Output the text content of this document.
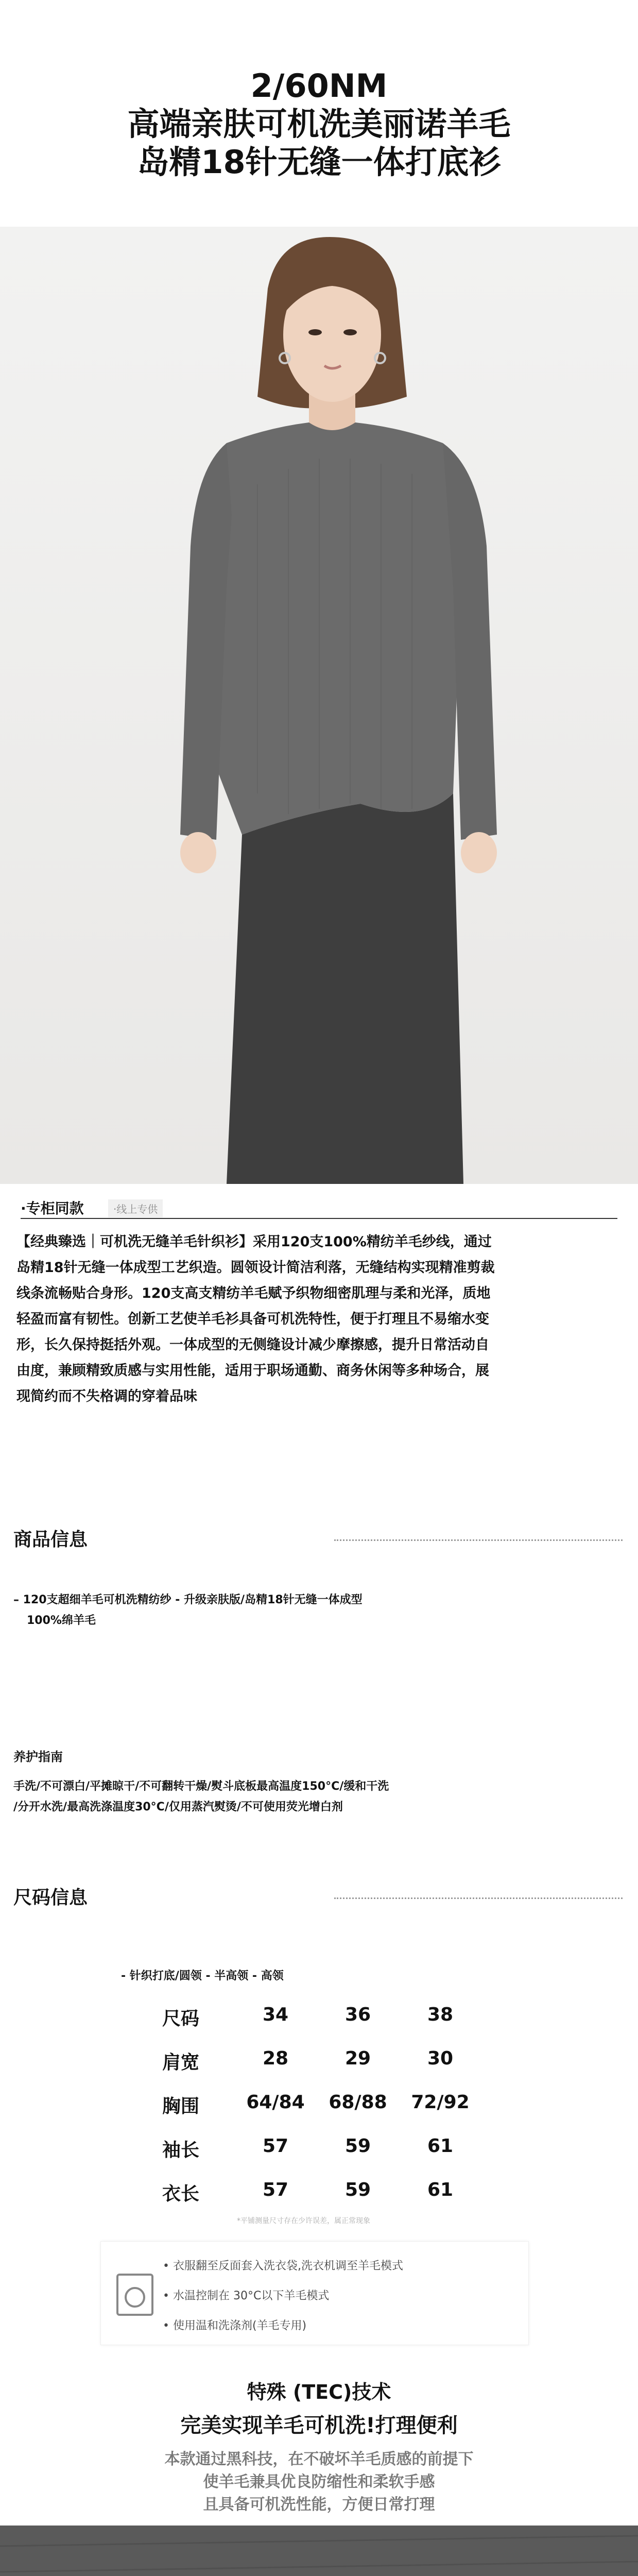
2/60NM
高端亲肤可机洗美丽诺羊毛
岛精18针无缝一体打底衫
·专柜同款	·线上专供
【经典臻选｜可机洗无缝羊毛针织衫】采用120支100%精纺羊毛纱线，通过
岛精18针无缝一体成型工艺织造。圆领设计简洁利落，无缝结构实现精准剪裁
线条流畅贴合身形。120支高支精纺羊毛赋予织物细密肌理与柔和光泽，质地
轻盈而富有韧性。创新工艺使羊毛衫具备可机洗特性，便于打理且不易缩水变
形，长久保持挺括外观。一体成型的无侧缝设计减少摩擦感，提升日常活动自
由度，兼顾精致质感与实用性能，适用于职场通勤、商务休闲等多种场合，展
现简约而不失格调的穿着品味
商品信息
– 120支超细羊毛可机洗精纺纱 - 升级亲肤版/岛精18针无缝一体成型
100%绵羊毛
养护指南
手洗/不可漂白/平摊晾干/不可翻转干燥/熨斗底板最高温度150°C/缓和干洗
/分开水洗/最高洗涤温度30°C/仅用蒸汽熨烫/不可使用荧光增白剂
尺码信息
- 针织打底/圆领 - 半高领 - 高领
尺码	34	36	38
肩宽	28	29	30
胸围	64/84	68/88	72/92
袖长	57	59	61
衣长	57	59	61
*平铺测量尺寸存在少许误差，属正常现象
• 衣服翻至反面套入洗衣袋,洗衣机调至羊毛模式
• 水温控制在 30°C以下羊毛模式
• 使用温和洗涤剂(羊毛专用)
特殊 (TEC)技术
完美实现羊毛可机洗!打理便利
本款通过黑科技，在不破坏羊毛质感的前提下
使羊毛兼具优良防缩性和柔软手感
且具备可机洗性能，方便日常打理
